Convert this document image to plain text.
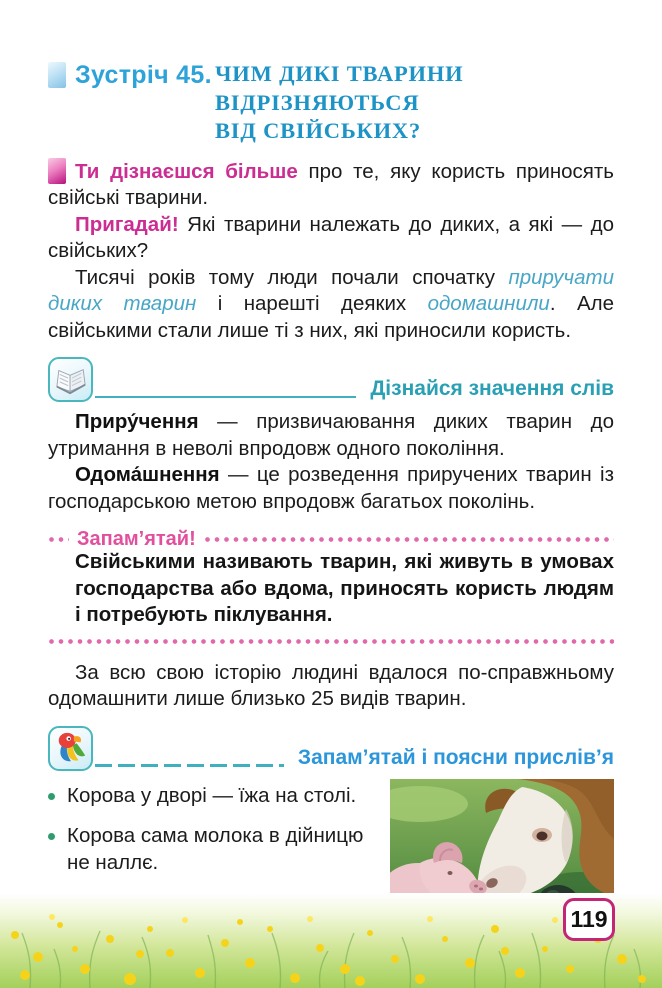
Зустріч 45. ЧИМ ДИКІ ТВАРИНИ
ВІДРІЗНЯЮТЬСЯ
ВІД СВІЙСЬКИХ?

Ти дізнаєшся більше про те, яку користь приносять свійські тварини.

Пригадай! Які тварини належать до диких, а які — до свійських?

Тисячі років тому люди почали спочатку приручати диких тварин і нарешті деяких одомашнили. Але свійськими стали лише ті з них, які приносили користь.

Дізнайся значення слів

Приру́чення — призвичаювання диких тварин до утримання в неволі впродовж одного покоління.

Одома́шнення — це розведення приручених тварин із господарською метою впродовж багатьох поколінь.

Запам’ятай!

Свійськими називають тварин, які живуть в умовах господарства або вдома, приносять користь людям і потребують піклування.

За всю свою історію людині вдалося по-справжньому одомашнити лише близько 25 видів тварин.

Запам’ятай і поясни прислів’я
Корова у дворі — їжа на столі.
Корова сама молока в дійницю не наллє.
119
